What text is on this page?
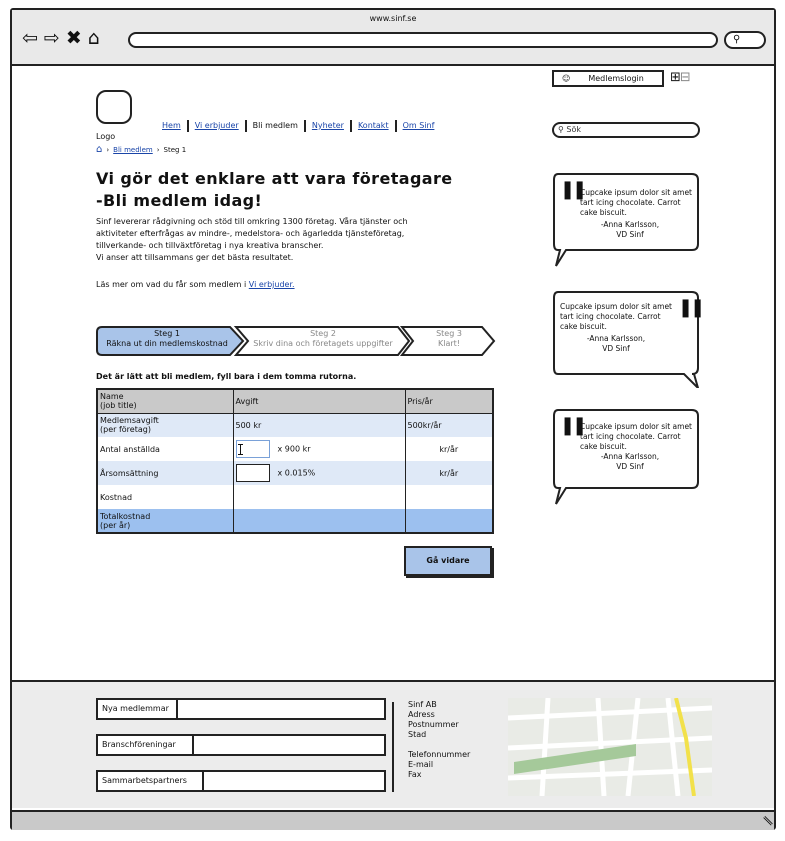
www.sinf.se
⇦ ⇨ ✖ ⌂	⚲
☺ Medlemslogin ⊞⊟
Logo
Hem	Vi erbjuder	Bli medlem	Nyheter	Kontakt	Om Sinf	⚲ Sök
⌂ › Bli medlem › Steg 1
Vi gör det enklare att vara företagare
-Bli medlem idag!
Sinf levererar rådgivning och stöd till omkring 1300 företag. Våra tjänster och
aktiviteter efterfrågas av mindre-, medelstora- och ägarledda tjänsteföretag,
tillverkande- och tillväxtföretag i nya kreativa branscher.
Vi anser att tillsammans ger det bästa resultatet.
Läs mer om vad du får som medlem i Vi erbjuder.
Steg 1
Räkna ut din medlemskostnad
Steg 2
Skriv dina och företagets uppgifter
Steg 3
Klart!
Det är lätt att bli medlem, fyll bara i dem tomma rutorna.
Name
(job title)	Avgift	Pris/år
Medlemsavgift
(per företag)	500 kr	500kr/år
Antal anställda	x 900 kr	kr/år
Årsomsättning	x 0.015%	kr/år
Kostnad		
Totalkostnad
(per år)		
Gå vidare
❚❚
Cupcake ipsum dolor sit amet tart icing chocolate. Carrot cake biscuit.
-Anna Karlsson,
VD Sinf
❚❚
Cupcake ipsum dolor sit amet tart icing chocolate. Carrot cake biscuit.
-Anna Karlsson,
VD Sinf
❚❚
Cupcake ipsum dolor sit amet tart icing chocolate. Carrot cake biscuit.
-Anna Karlsson,
VD Sinf
Nya medlemmar
Branschföreningar
Sammarbetspartners
Sinf AB
Adress
Postnummer
Stad
Telefonnummer
E-mail
Fax
∥
